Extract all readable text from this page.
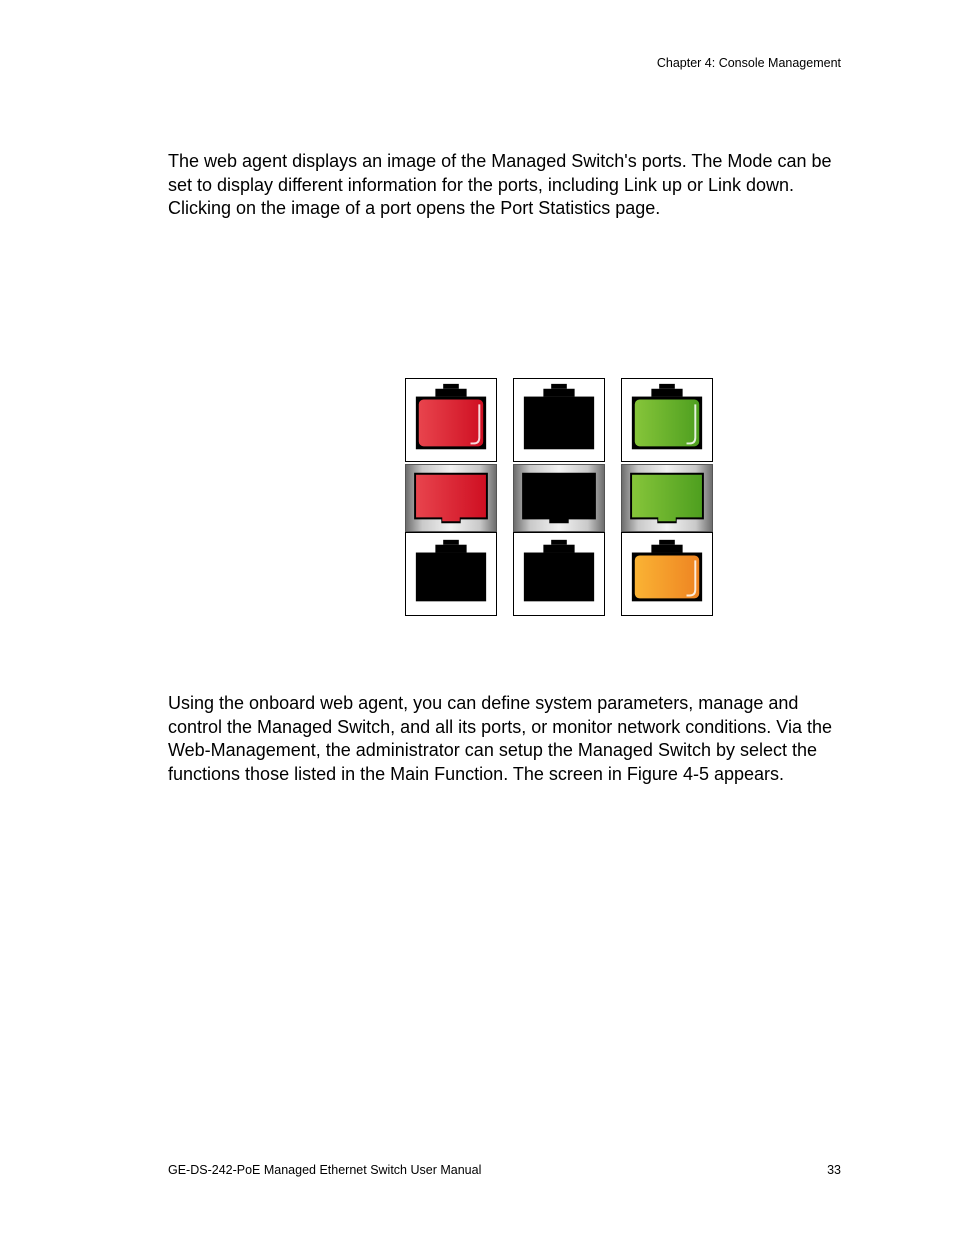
Chapter 4: Console Management

The web agent displays an image of the Managed Switch's ports. The Mode can be set to display different information for the ports, including Link up or Link down. Clicking on the image of a port opens the Port Statistics page.

Using the onboard web agent, you can define system parameters, manage and control the Managed Switch, and all its ports, or monitor network conditions. Via the Web-Management, the administrator can setup the Managed Switch by select the functions those listed in the Main Function. The screen in Figure 4-5 appears.

GE-DS-242-PoE Managed Ethernet Switch User Manual	33
